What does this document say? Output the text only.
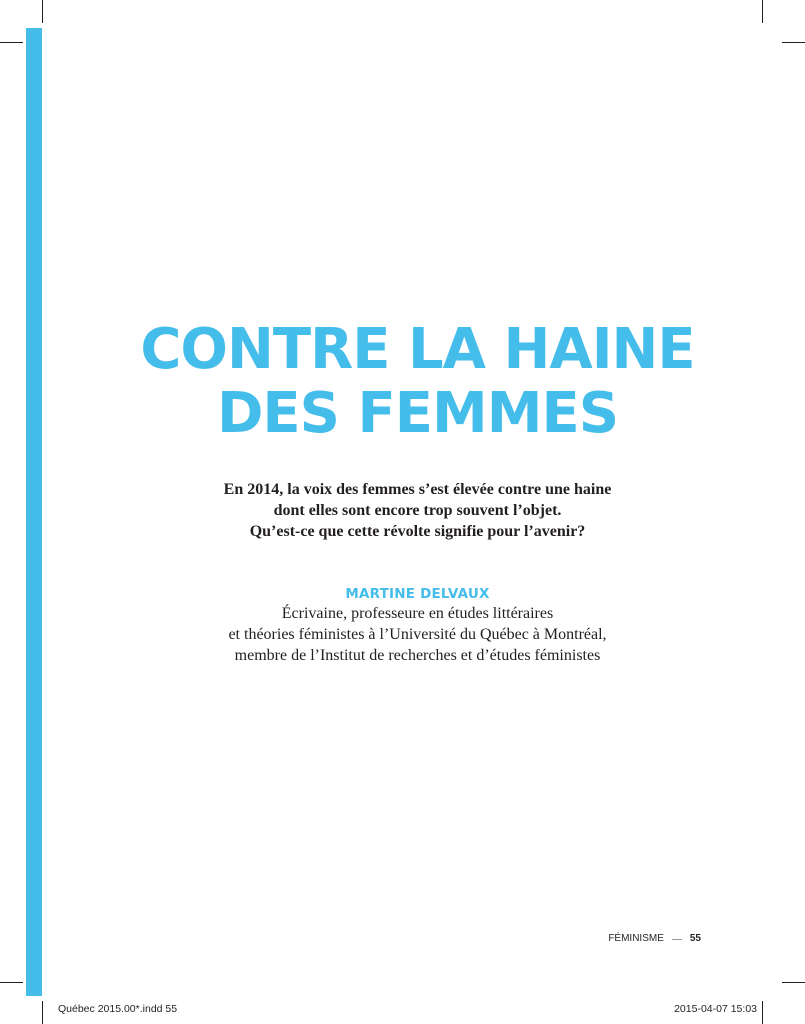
CONTRE LA HAINE
DES FEMMES

En 2014, la voix des femmes s’est élevée contre une haine
dont elles sont encore trop souvent l’objet.
Qu’est-ce que cette révolte signifie pour l’avenir?

MARTINE DELVAUX

Écrivaine, professeure en études littéraires
et théories féministes à l’Université du Québec à Montréal,
membre de l’Institut de recherches et d’études féministes

FÉMINISME	55
Québec 2015.00*.indd 55	2015-04-07 15:03
